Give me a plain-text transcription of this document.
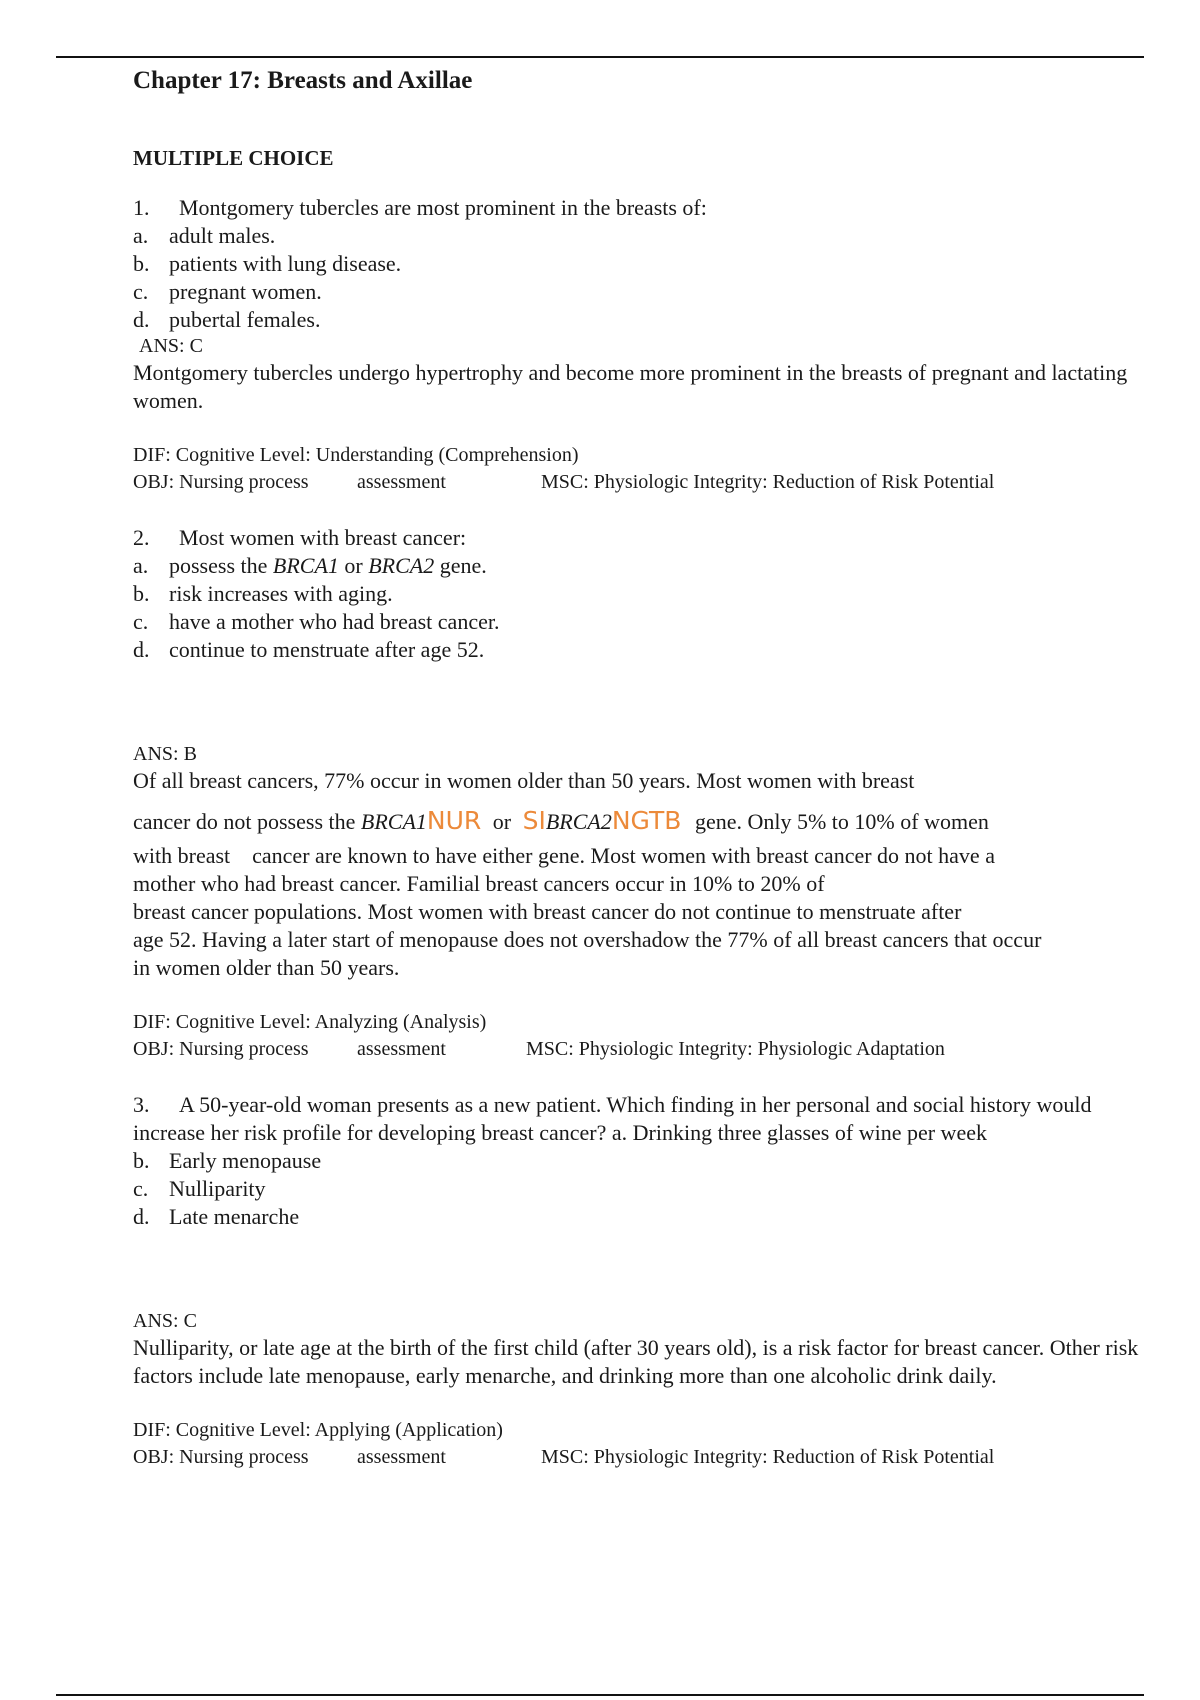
Chapter 17: Breasts and Axillae
MULTIPLE CHOICE
1. Montgomery tubercles are most prominent in the breasts of:
a. adult males.
b. patients with lung disease.
c. pregnant women.
d. pubertal females.
ANS: C
Montgomery tubercles undergo hypertrophy and become more prominent in the breasts of pregnant and lactating women.
DIF: Cognitive Level: Understanding (Comprehension)
OBJ: Nursing process assessment	MSC: Physiologic Integrity: Reduction of Risk Potential
2. Most women with breast cancer:
a. possess the BRCA1 or BRCA2 gene.
b. risk increases with aging.
c. have a mother who had breast cancer.
d. continue to menstruate after age 52.
ANS: B
Of all breast cancers, 77% occur in women older than 50 years. Most women with breast
cancer do not possess the BRCA1NUR or SIBRCA2NGTB gene. Only 5% to 10% of women
with breast    cancer are known to have either gene. Most women with breast cancer do not have a
mother who had breast cancer. Familial breast cancers occur in 10% to 20% of
breast cancer populations. Most women with breast cancer do not continue to menstruate after
age 52. Having a later start of menopause does not overshadow the 77% of all breast cancers that occur
in women older than 50 years.
DIF: Cognitive Level: Analyzing (Analysis)
OBJ: Nursing process assessment	MSC: Physiologic Integrity: Physiologic Adaptation
3. A 50-year-old woman presents as a new patient. Which finding in her personal and social history would increase her risk profile for developing breast cancer? a. Drinking three glasses of wine per week
b. Early menopause
c. Nulliparity
d. Late menarche
ANS: C
Nulliparity, or late age at the birth of the first child (after 30 years old), is a risk factor for breast cancer. Other risk factors include late menopause, early menarche, and drinking more than one alcoholic drink daily.
DIF: Cognitive Level: Applying (Application)
OBJ: Nursing process assessment	MSC: Physiologic Integrity: Reduction of Risk Potential
